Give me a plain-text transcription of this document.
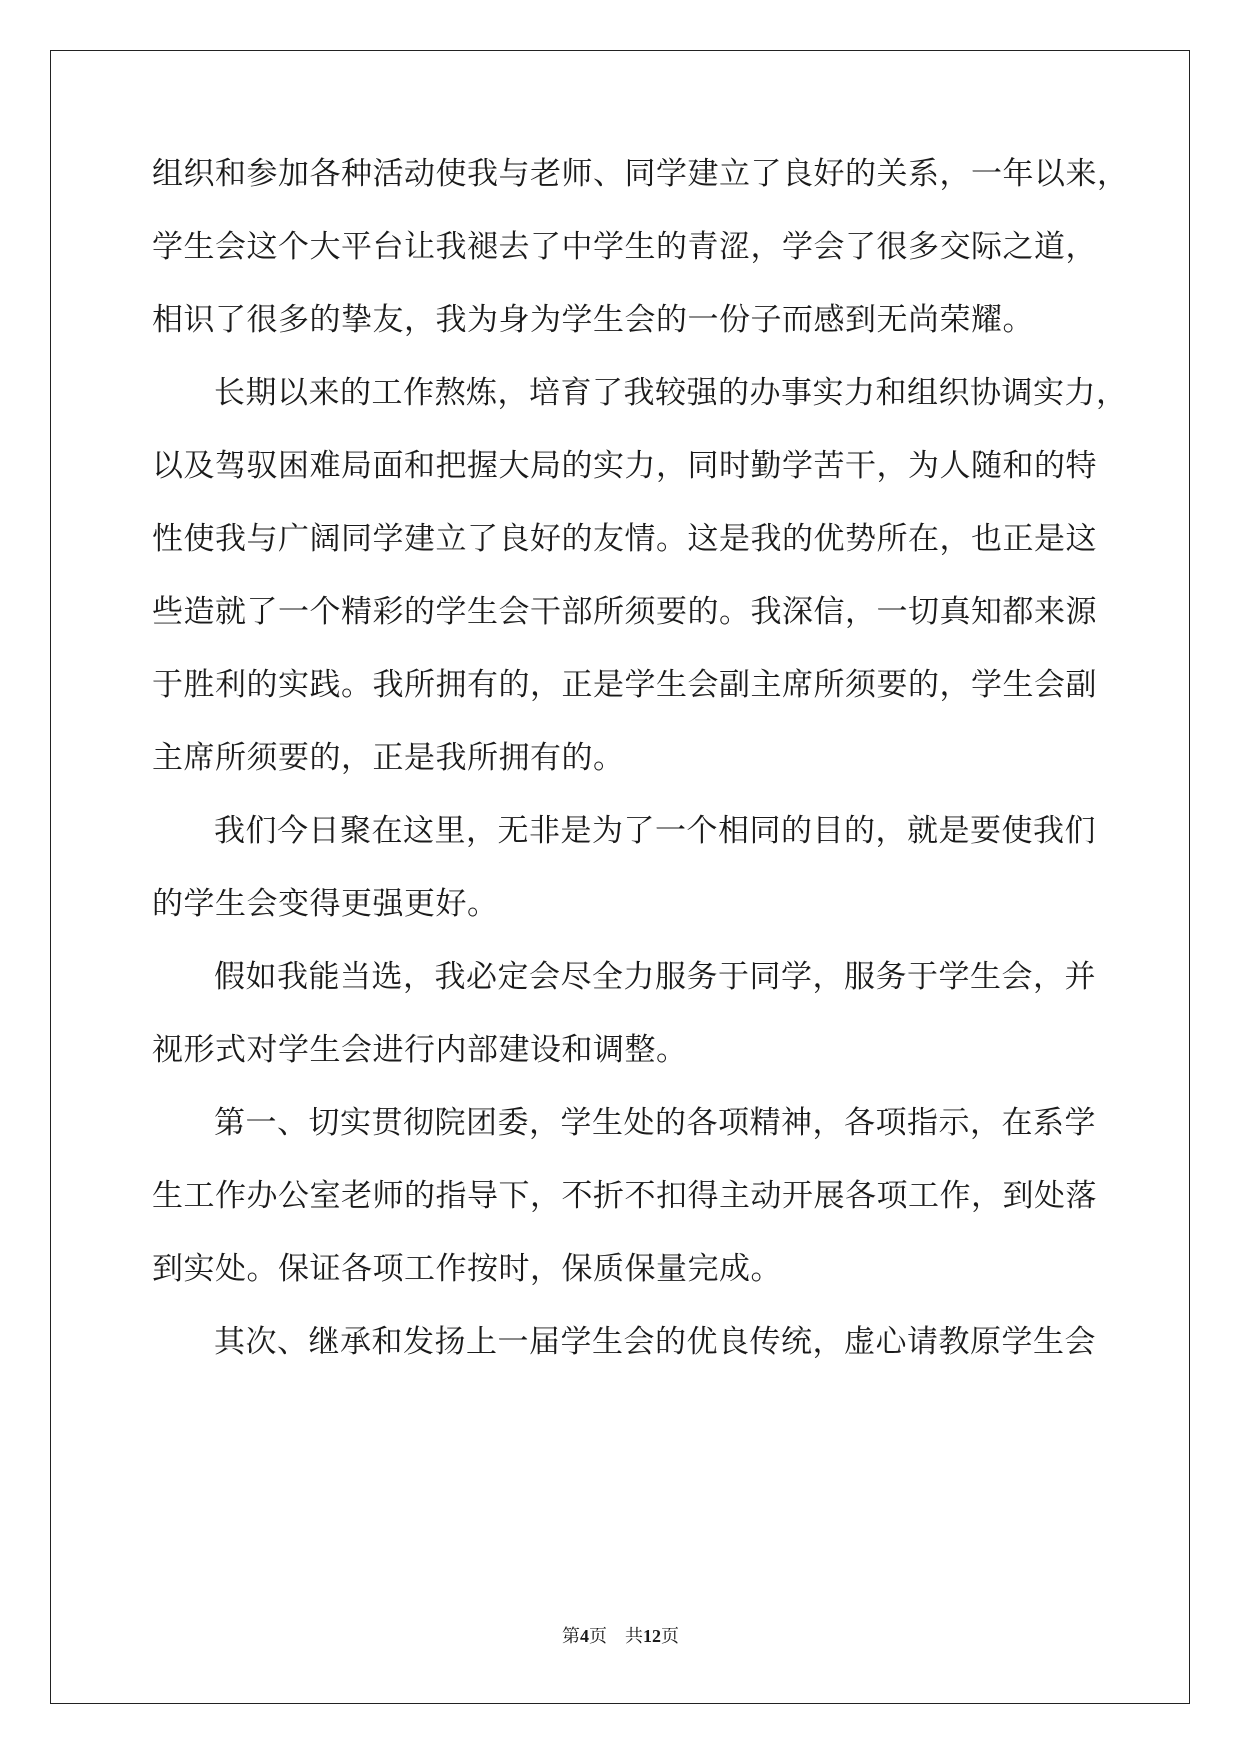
组织和参加各种活动使我与老师、同学建立了良好的关系，一年以来，
学生会这个大平台让我褪去了中学生的青涩，学会了很多交际之道，
相识了很多的挚友，我为身为学生会的一份子而感到无尚荣耀。
长期以来的工作熬炼，培育了我较强的办事实力和组织协调实力，
以及驾驭困难局面和把握大局的实力，同时勤学苦干，为人随和的特
性使我与广阔同学建立了良好的友情。这是我的优势所在，也正是这
些造就了一个精彩的学生会干部所须要的。我深信，一切真知都来源
于胜利的实践。我所拥有的，正是学生会副主席所须要的，学生会副
主席所须要的，正是我所拥有的。
我们今日聚在这里，无非是为了一个相同的目的，就是要使我们
的学生会变得更强更好。
假如我能当选，我必定会尽全力服务于同学，服务于学生会，并
视形式对学生会进行内部建设和调整。
第一、切实贯彻院团委，学生处的各项精神，各项指示，在系学
生工作办公室老师的指导下，不折不扣得主动开展各项工作，到处落
到实处。保证各项工作按时，保质保量完成。
其次、继承和发扬上一届学生会的优良传统，虚心请教原学生会
第4页 共12页
